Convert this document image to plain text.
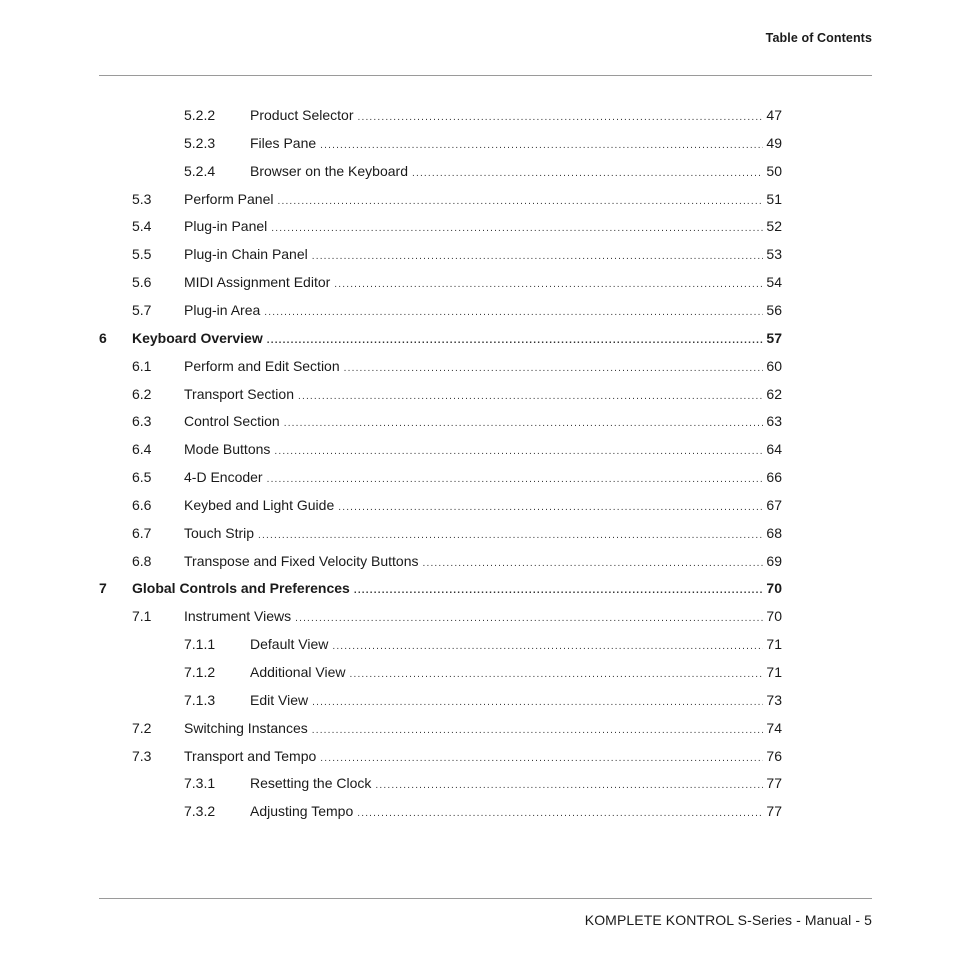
Table of Contents
5.2.2 Product Selector .....	47
5.2.3 Files Pane .....	49
5.2.4 Browser on the Keyboard .....	50
5.3 Perform Panel .....	51
5.4 Plug-in Panel .....	52
5.5 Plug-in Chain Panel .....	53
5.6 MIDI Assignment Editor .....	54
5.7 Plug-in Area .....	56
6 Keyboard Overview .....	57
6.1 Perform and Edit Section .....	60
6.2 Transport Section .....	62
6.3 Control Section .....	63
6.4 Mode Buttons .....	64
6.5 4-D Encoder .....	66
6.6 Keybed and Light Guide .....	67
6.7 Touch Strip .....	68
6.8 Transpose and Fixed Velocity Buttons .....	69
7 Global Controls and Preferences .....	70
7.1 Instrument Views .....	70
7.1.1 Default View .....	71
7.1.2 Additional View .....	71
7.1.3 Edit View .....	73
7.2 Switching Instances .....	74
7.3 Transport and Tempo .....	76
7.3.1 Resetting the Clock .....	77
7.3.2 Adjusting Tempo .....	77
KOMPLETE KONTROL S-Series - Manual - 5
